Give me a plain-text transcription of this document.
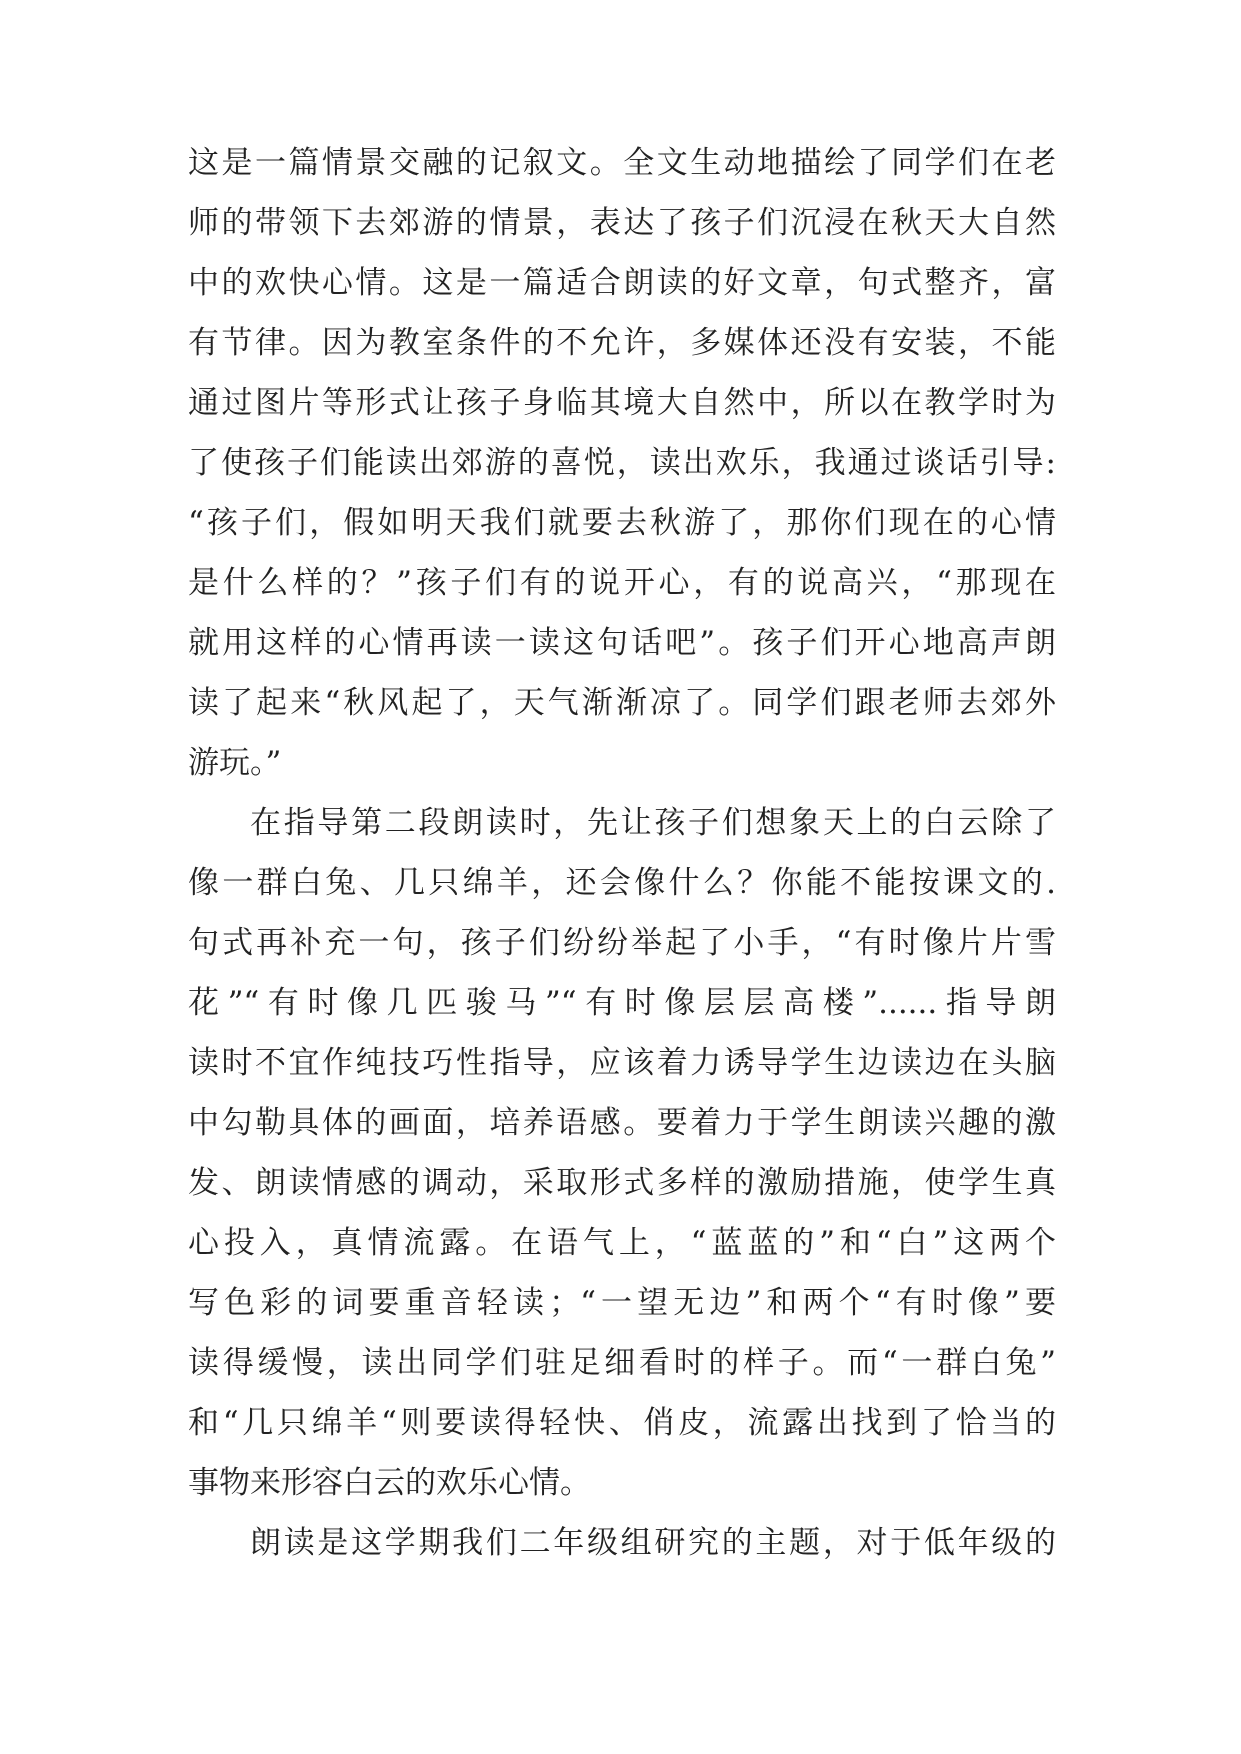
这是一篇情景交融的记叙文。全文生动地描绘了同学们在老
师的带领下去郊游的情景，表达了孩子们沉浸在秋天大自然
中的欢快心情。这是一篇适合朗读的好文章，句式整齐，富
有节律。因为教室条件的不允许，多媒体还没有安装，不能
通过图片等形式让孩子身临其境大自然中，所以在教学时为
了使孩子们能读出郊游的喜悦，读出欢乐，我通过谈话引导:
“孩子们，假如明天我们就要去秋游了，那你们现在的心情
是什么样的？”孩子们有的说开心，有的说高兴，“那现在
就用这样的心情再读一读这句话吧”。孩子们开心地高声朗
读了起来“秋风起了，天气渐渐凉了。同学们跟老师去郊外
游玩。”
在指导第二段朗读时，先让孩子们想象天上的白云除了
像一群白兔、几只绵羊，还会像什么？你能不能按课文的.
句式再补充一句，孩子们纷纷举起了小手，“有时像片片雪
花”“有时像几匹骏马”“有时像层层高楼”......指导朗
读时不宜作纯技巧性指导，应该着力诱导学生边读边在头脑
中勾勒具体的画面，培养语感。要着力于学生朗读兴趣的激
发、朗读情感的调动，采取形式多样的激励措施，使学生真
心投入，真情流露。在语气上，“蓝蓝的”和“白”这两个
写色彩的词要重音轻读；“一望无边”和两个“有时像”要
读得缓慢，读出同学们驻足细看时的样子。而“一群白兔”
和“几只绵羊“则要读得轻快、俏皮，流露出找到了恰当的
事物来形容白云的欢乐心情。
朗读是这学期我们二年级组研究的主题，对于低年级的
